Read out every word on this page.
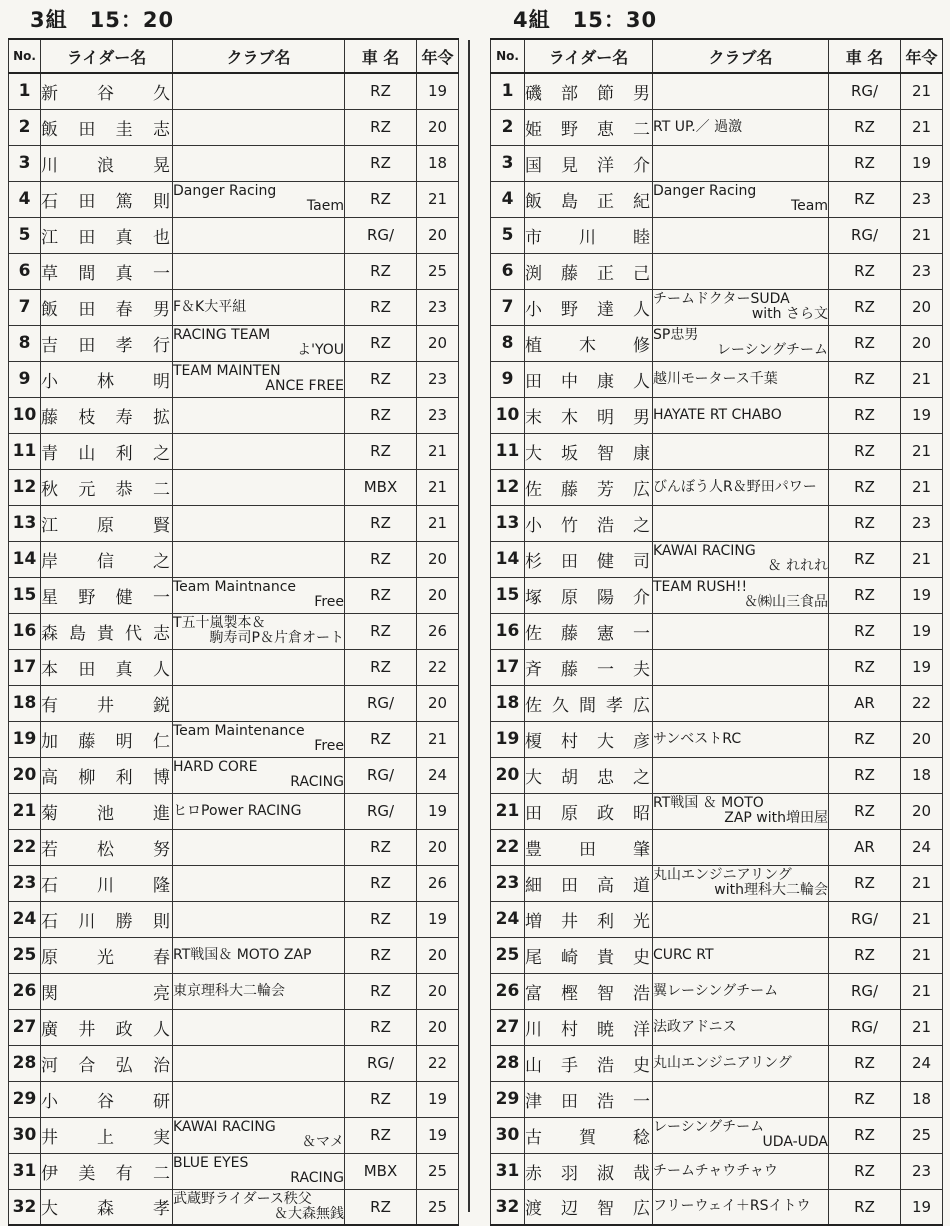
3組　15：20	4組　15：30
No.	ライダー名	クラブ名	車 名	年令
1	新谷久		RZ	19
2	飯田圭志		RZ	20
3	川浪晃		RZ	18
4	石田篤則	Danger Racing
Taem	RZ	21
5	江田真也		RG/	20
6	草間真一		RZ	25
7	飯田春男	F＆K大平組	RZ	23
8	吉田孝行	RACING TEAM
よ'YOU	RZ	20
9	小林明	TEAM MAINTEN
ANCE FREE	RZ	23
10	藤枝寿拡		RZ	23
11	青山利之		RZ	21
12	秋元恭二		MBX	21
13	江原賢		RZ	21
14	岸信之		RZ	20
15	星野健一	Team Maintnance
Free	RZ	20
16	森島貴代志	T五十嵐製本＆
駒寿司P＆片倉オート	RZ	26
17	本田真人		RZ	22
18	有井鋭		RG/	20
19	加藤明仁	Team Maintenance
Free	RZ	21
20	高柳利博	HARD CORE
RACING	RG/	24
21	菊池進	ヒロPower RACING	RG/	19
22	若松努		RZ	20
23	石川隆		RZ	26
24	石川勝則		RZ	19
25	原光春	RT戦国＆ MOTO ZAP	RZ	20
26	関亮	東京理科大二輪会	RZ	20
27	廣井政人		RZ	20
28	河合弘治		RG/	22
29	小谷研		RZ	19
30	井上実	KAWAI RACING
＆マメ	RZ	19
31	伊美有二	BLUE EYES
RACING	MBX	25
32	大森孝	武蔵野ライダース秩父
＆大森無銭	RZ	25
No.	ライダー名	クラブ名	車 名	年令
1	磯部節男		RG/	21
2	姫野恵二	RT UP.／ 過激	RZ	21
3	国見洋介		RZ	19
4	飯島正紀	Danger Racing
Team	RZ	23
5	市川睦		RG/	21
6	渕藤正己		RZ	23
7	小野達人	チームドクターSUDA
with さら文	RZ	20
8	植木修	SP忠男
レーシングチーム	RZ	20
9	田中康人	越川モータース千葉	RZ	21
10	末木明男	HAYATE RT CHABO	RZ	19
11	大坂智康		RZ	21
12	佐藤芳広	びんぼう人R＆野田パワー	RZ	21
13	小竹浩之		RZ	23
14	杉田健司	KAWAI RACING
＆ れれれ	RZ	21
15	塚原陽介	TEAM RUSH!!
＆㈱山三食品	RZ	19
16	佐藤憲一		RZ	19
17	斉藤一夫		RZ	19
18	佐久間孝広		AR	22
19	榎村大彦	サンベストRC	RZ	20
20	大胡忠之		RZ	18
21	田原政昭	RT戦国 ＆ MOTO
ZAP with増田屋	RZ	20
22	豊田肇		AR	24
23	細田高道	丸山エンジニアリング
with理科大二輪会	RZ	21
24	増井利光		RG/	21
25	尾崎貴史	CURC RT	RZ	21
26	富樫智浩	翼レーシングチーム	RG/	21
27	川村暁洋	法政アドニス	RG/	21
28	山手浩史	丸山エンジニアリング	RZ	24
29	津田浩一		RZ	18
30	古賀稔	レーシングチーム
UDA-UDA	RZ	25
31	赤羽淑哉	チームチャウチャウ	RZ	23
32	渡辺智広	フリーウェイ＋RSイトウ	RZ	19
